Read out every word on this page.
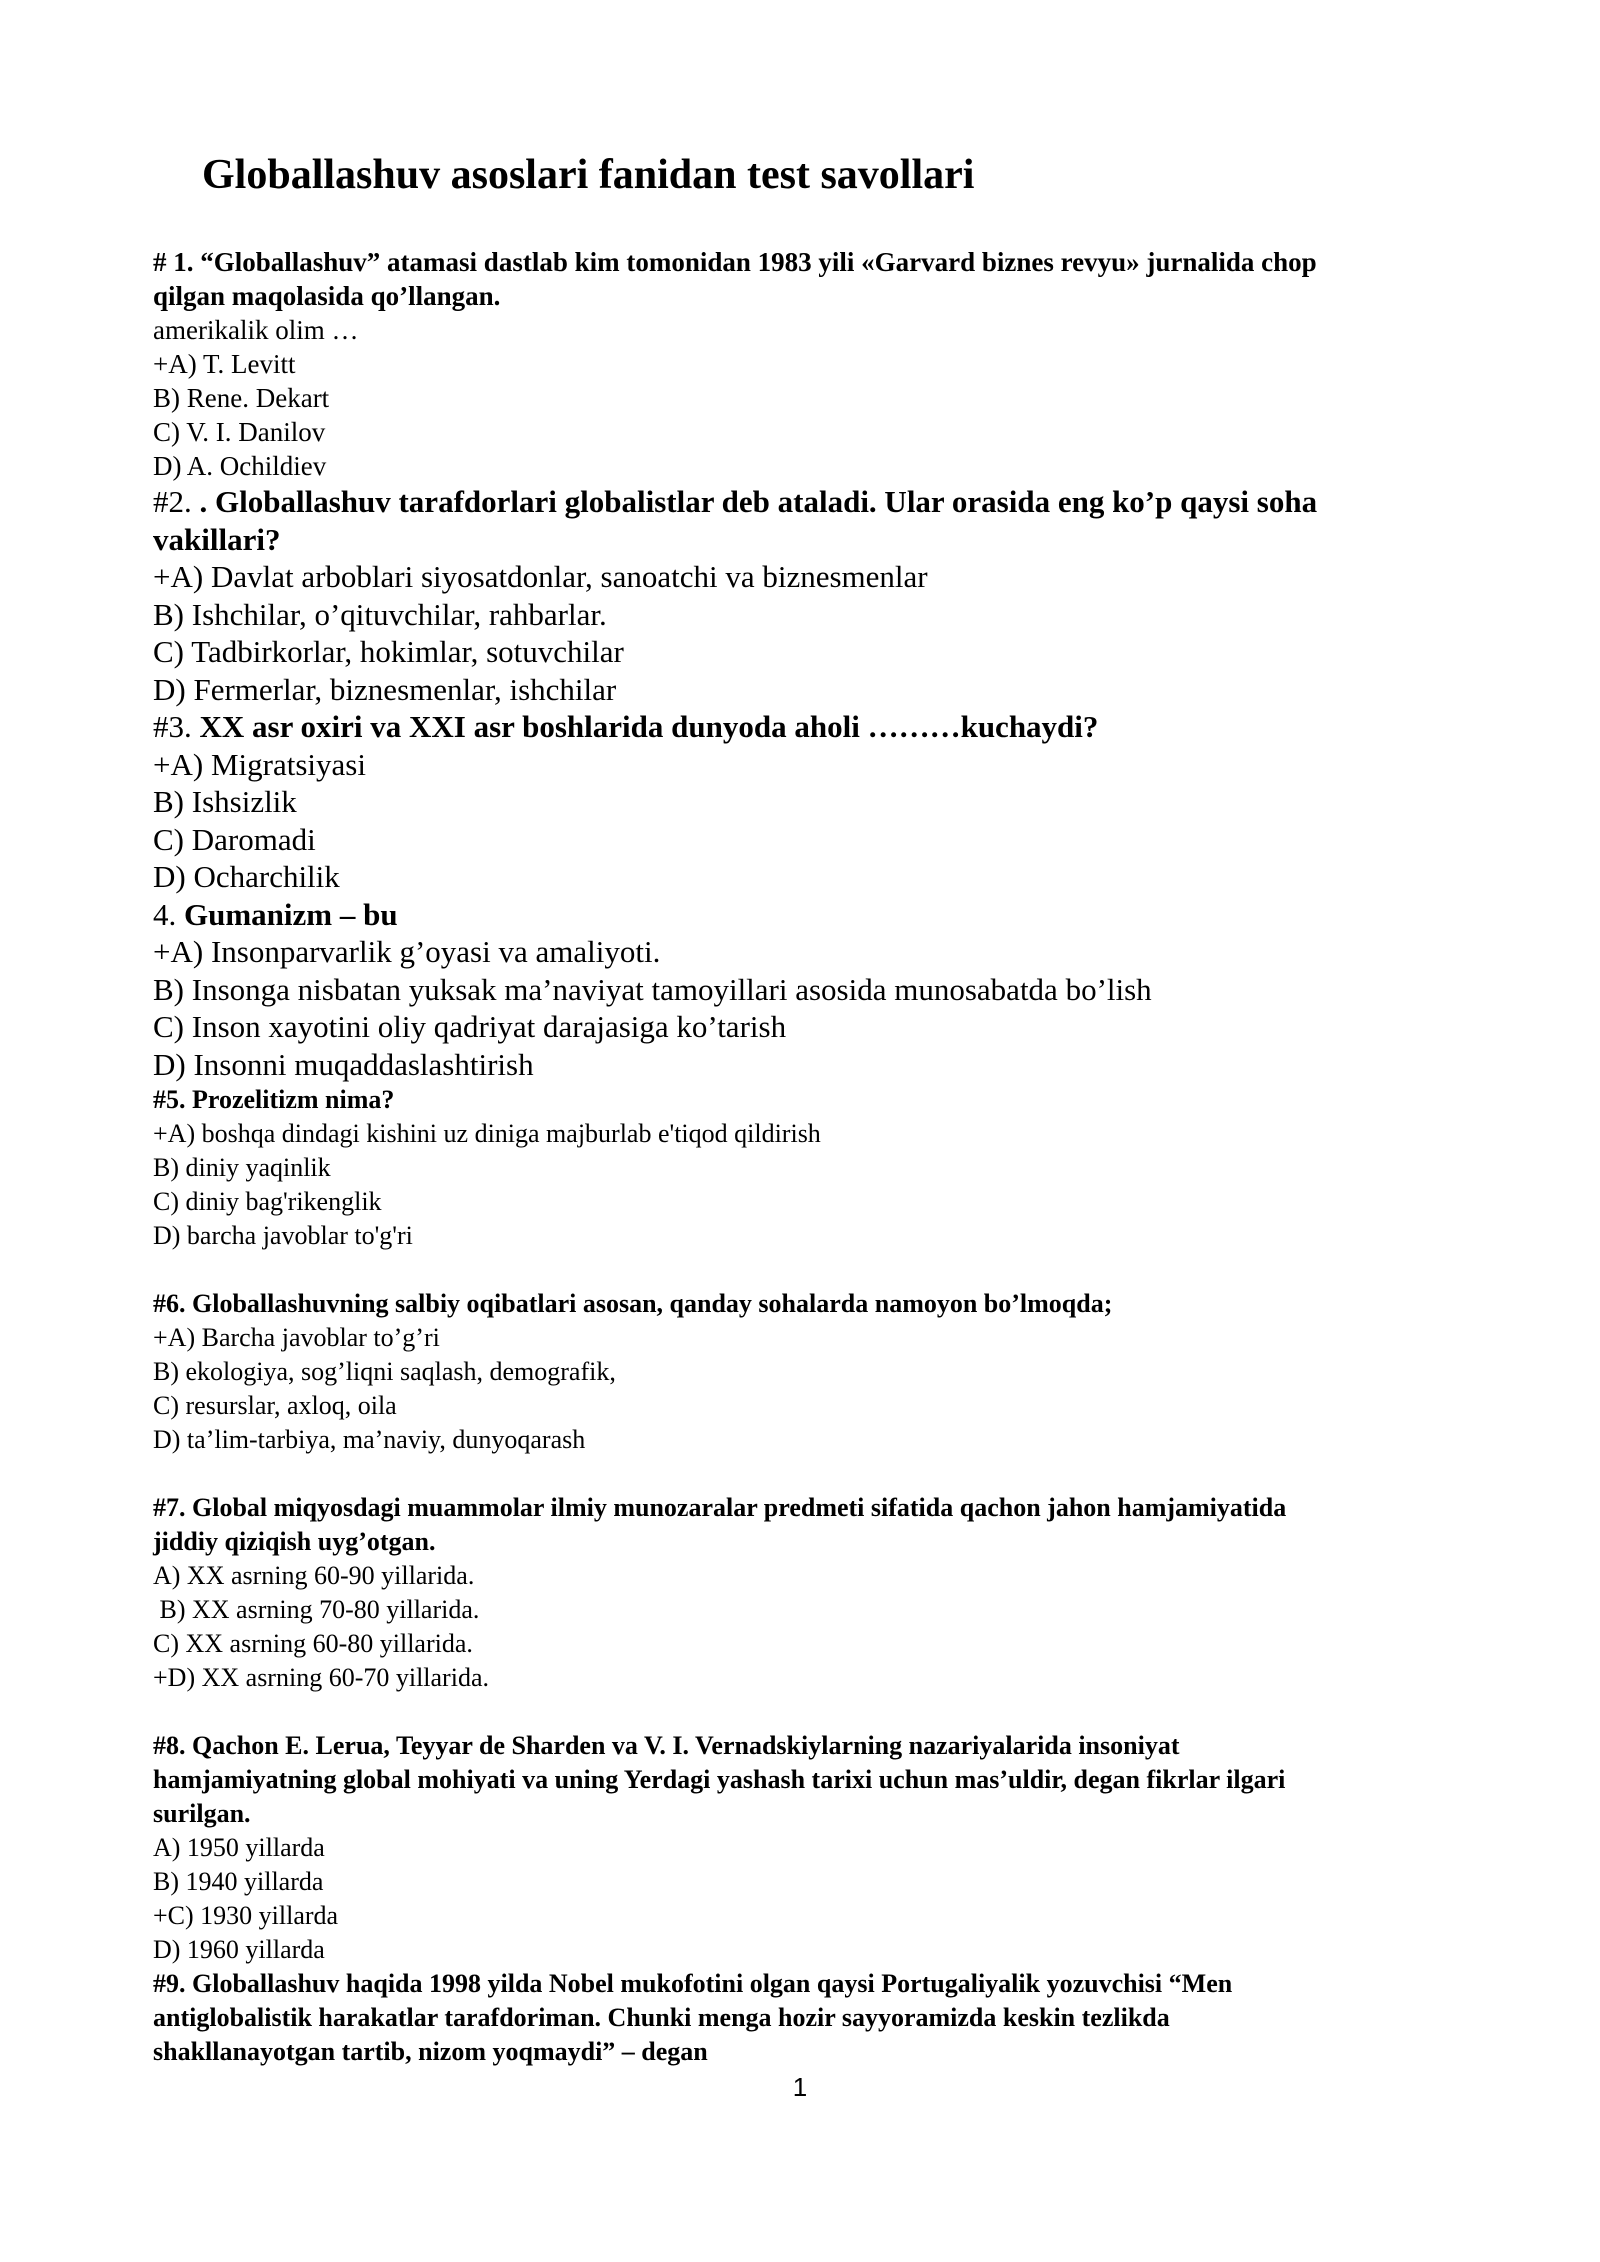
Globallashuv asoslari fanidan test savollari
# 1. “Globallashuv” atamasi dastlab kim tomonidan 1983 yili «Garvard biznes revyu» jurnalida chop
qilgan maqolasida qo’llangan.
amerikalik olim …
+A) T. Levitt
B) Rene. Dekart
C) V. I. Danilov
D) A. Ochildiev
#2. . Globallashuv tarafdorlari globalistlar deb ataladi. Ular orasida eng ko’p qaysi soha
vakillari?
+A) Davlat arboblari siyosatdonlar, sanoatchi va biznesmenlar
B) Ishchilar, o’qituvchilar, rahbarlar.
C) Tadbirkorlar, hokimlar, sotuvchilar
D) Fermerlar, biznesmenlar, ishchilar
#3. XX asr oxiri va XXI asr boshlarida dunyoda aholi ………kuchaydi?
+A) Migratsiyasi
B) Ishsizlik
C) Daromadi
D) Ocharchilik
4. Gumanizm – bu
+A) Insonparvarlik g’oyasi va amaliyoti.
B) Insonga nisbatan yuksak ma’naviyat tamoyillari asosida munosabatda bo’lish
C) Inson xayotini oliy qadriyat darajasiga ko’tarish
D) Insonni muqaddaslashtirish
#5. Prozelitizm nima?
+A) boshqa dindagi kishini uz diniga majburlab e'tiqod qildirish
B) diniy yaqinlik
C) diniy bag'rikenglik
D) barcha javoblar to'g'ri
#6. Globallashuvning salbiy oqibatlari asosan, qanday sohalarda namoyon bo’lmoqda;
+A) Barcha javoblar to’g’ri
B) ekologiya, sog’liqni saqlash, demografik,
C) resurslar, axloq, oila
D) ta’lim-tarbiya, ma’naviy, dunyoqarash
#7. Global miqyosdagi muammolar ilmiy munozaralar predmeti sifatida qachon jahon hamjamiyatida
jiddiy qiziqish uyg’otgan.
A) XX asrning 60-90 yillarida.
B) XX asrning 70-80 yillarida.
C) XX asrning 60-80 yillarida.
+D) XX asrning 60-70 yillarida.
#8. Qachon E. Lerua, Teyyar de Sharden va V. I. Vernadskiylarning nazariyalarida insoniyat
hamjamiyatning global mohiyati va uning Yerdagi yashash tarixi uchun mas’uldir, degan fikrlar ilgari
surilgan.
A) 1950 yillarda
B) 1940 yillarda
+C) 1930 yillarda
D) 1960 yillarda
#9. Globallashuv haqida 1998 yilda Nobel mukofotini olgan qaysi Portugaliyalik yozuvchisi “Men
antiglobalistik harakatlar tarafdoriman. Chunki menga hozir sayyoramizda keskin tezlikda
shakllanayotgan tartib, nizom yoqmaydi” – degan
1
